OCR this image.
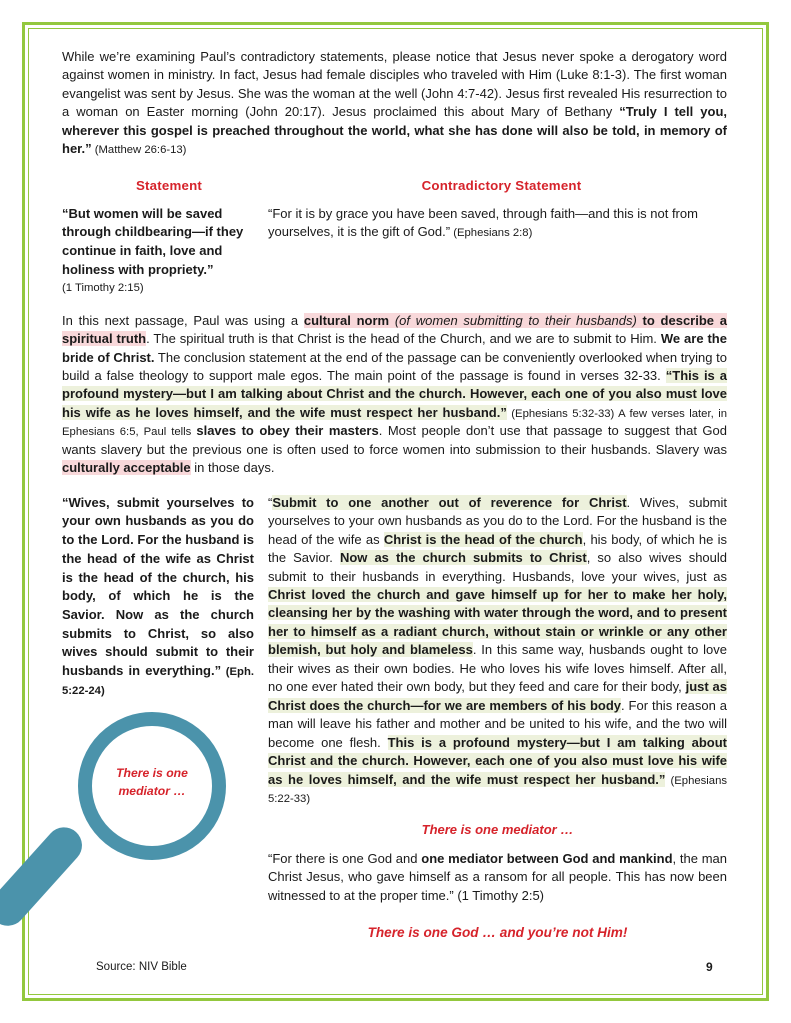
While we’re examining Paul’s contradictory statements, please notice that Jesus never spoke a derogatory word against women in ministry. In fact, Jesus had female disciples who traveled with Him (Luke 8:1-3). The first woman evangelist was sent by Jesus. She was the woman at the well (John 4:7-42). Jesus first revealed His resurrection to a woman on Easter morning (John 20:17). Jesus proclaimed this about Mary of Bethany “Truly I tell you, wherever this gospel is preached throughout the world, what she has done will also be told, in memory of her.” (Matthew 26:6-13)

Statement	Contradictory Statement

“But women will be saved through childbearing—if they continue in faith, love and holiness with propriety.”

(1 Timothy 2:15)

“For it is by grace you have been saved, through faith—and this is not from yourselves, it is the gift of God.” (Ephesians 2:8)

In this next passage, Paul was using a cultural norm (of women submitting to their husbands) to describe a spiritual truth. The spiritual truth is that Christ is the head of the Church, and we are to submit to Him. We are the bride of Christ. The conclusion statement at the end of the passage can be conveniently overlooked when trying to build a false theology to support male egos. The main point of the passage is found in verses 32-33. “This is a profound mystery—but I am talking about Christ and the church. However, each one of you also must love his wife as he loves himself, and the wife must respect her husband.” (Ephesians 5:32-33) A few verses later, in Ephesians 6:5, Paul tells slaves to obey their masters. Most people don’t use that passage to suggest that God wants slavery but the previous one is often used to force women into submission to their husbands. Slavery was culturally acceptable in those days.

“Wives, submit yourselves to your own husbands as you do to the Lord. For the husband is the head of the wife as Christ is the head of the church, his body, of which he is the Savior. Now as the church submits to Christ, so also wives should submit to their husbands in everything.” (Eph. 5:22-24)

“Submit to one another out of reverence for Christ. Wives, submit yourselves to your own husbands as you do to the Lord. For the husband is the head of the wife as Christ is the head of the church, his body, of which he is the Savior. Now as the church submits to Christ, so also wives should submit to their husbands in everything. Husbands, love your wives, just as Christ loved the church and gave himself up for her to make her holy, cleansing her by the washing with water through the word, and to present her to himself as a radiant church, without stain or wrinkle or any other blemish, but holy and blameless. In this same way, husbands ought to love their wives as their own bodies. He who loves his wife loves himself. After all, no one ever hated their own body, but they feed and care for their body, just as Christ does the church—for we are members of his body. For this reason a man will leave his father and mother and be united to his wife, and the two will become one flesh. This is a profound mystery—but I am talking about Christ and the church. However, each one of you also must love his wife as he loves himself, and the wife must respect her husband.” (Ephesians 5:22-33)

There is one mediator …

“For there is one God and one mediator between God and mankind, the man Christ Jesus, who gave himself as a ransom for all people. This has now been witnessed to at the proper time.” (1 Timothy 2:5)

There is one God … and you’re not Him!

There is one mediator …
Source: NIV Bible	9
